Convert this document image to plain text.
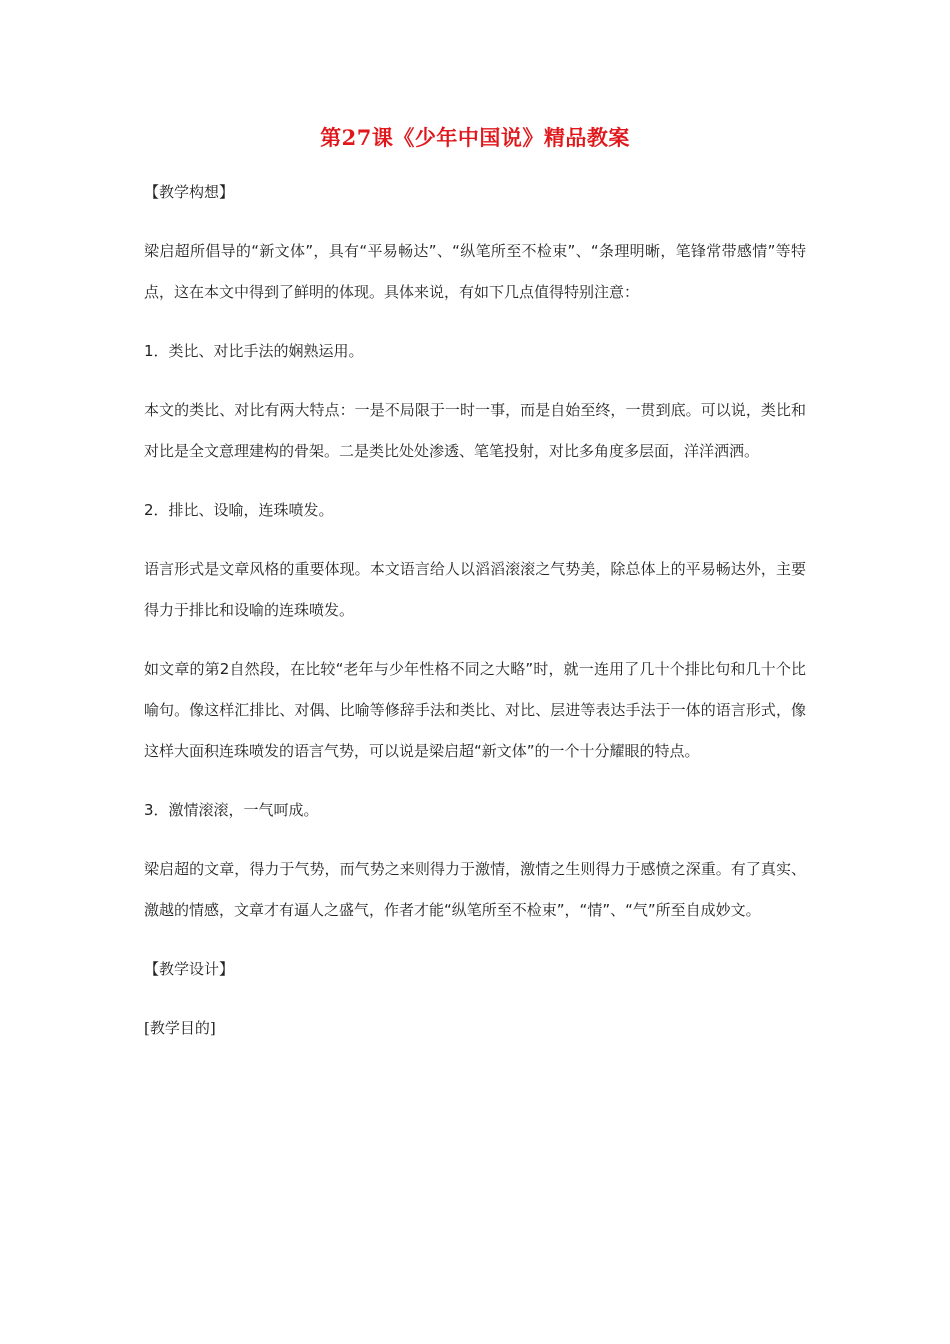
第27课《少年中国说》精品教案
【教学构想】
梁启超所倡导的“新文体”，具有“平易畅达”、“纵笔所至不检束”、“条理明晰，笔锋常带感情”等特点，这在本文中得到了鲜明的体现。具体来说，有如下几点值得特别注意：
1．类比、对比手法的娴熟运用。
本文的类比、对比有两大特点：一是不局限于一时一事，而是自始至终，一贯到底。可以说，类比和对比是全文意理建构的骨架。二是类比处处渗透、笔笔投射，对比多角度多层面，洋洋洒洒。
2．排比、设喻，连珠喷发。
语言形式是文章风格的重要体现。本文语言给人以滔滔滚滚之气势美，除总体上的平易畅达外，主要得力于排比和设喻的连珠喷发。
如文章的第2自然段，在比较“老年与少年性格不同之大略”时，就一连用了几十个排比句和几十个比喻句。像这样汇排比、对偶、比喻等修辞手法和类比、对比、层进等表达手法于一体的语言形式，像这样大面积连珠喷发的语言气势，可以说是梁启超“新文体”的一个十分耀眼的特点。
3．激情滚滚，一气呵成。
梁启超的文章，得力于气势，而气势之来则得力于激情，激情之生则得力于感愤之深重。有了真实、激越的情感，文章才有逼人之盛气，作者才能“纵笔所至不检束”，“情”、“气”所至自成妙文。
【教学设计】
[教学目的]
